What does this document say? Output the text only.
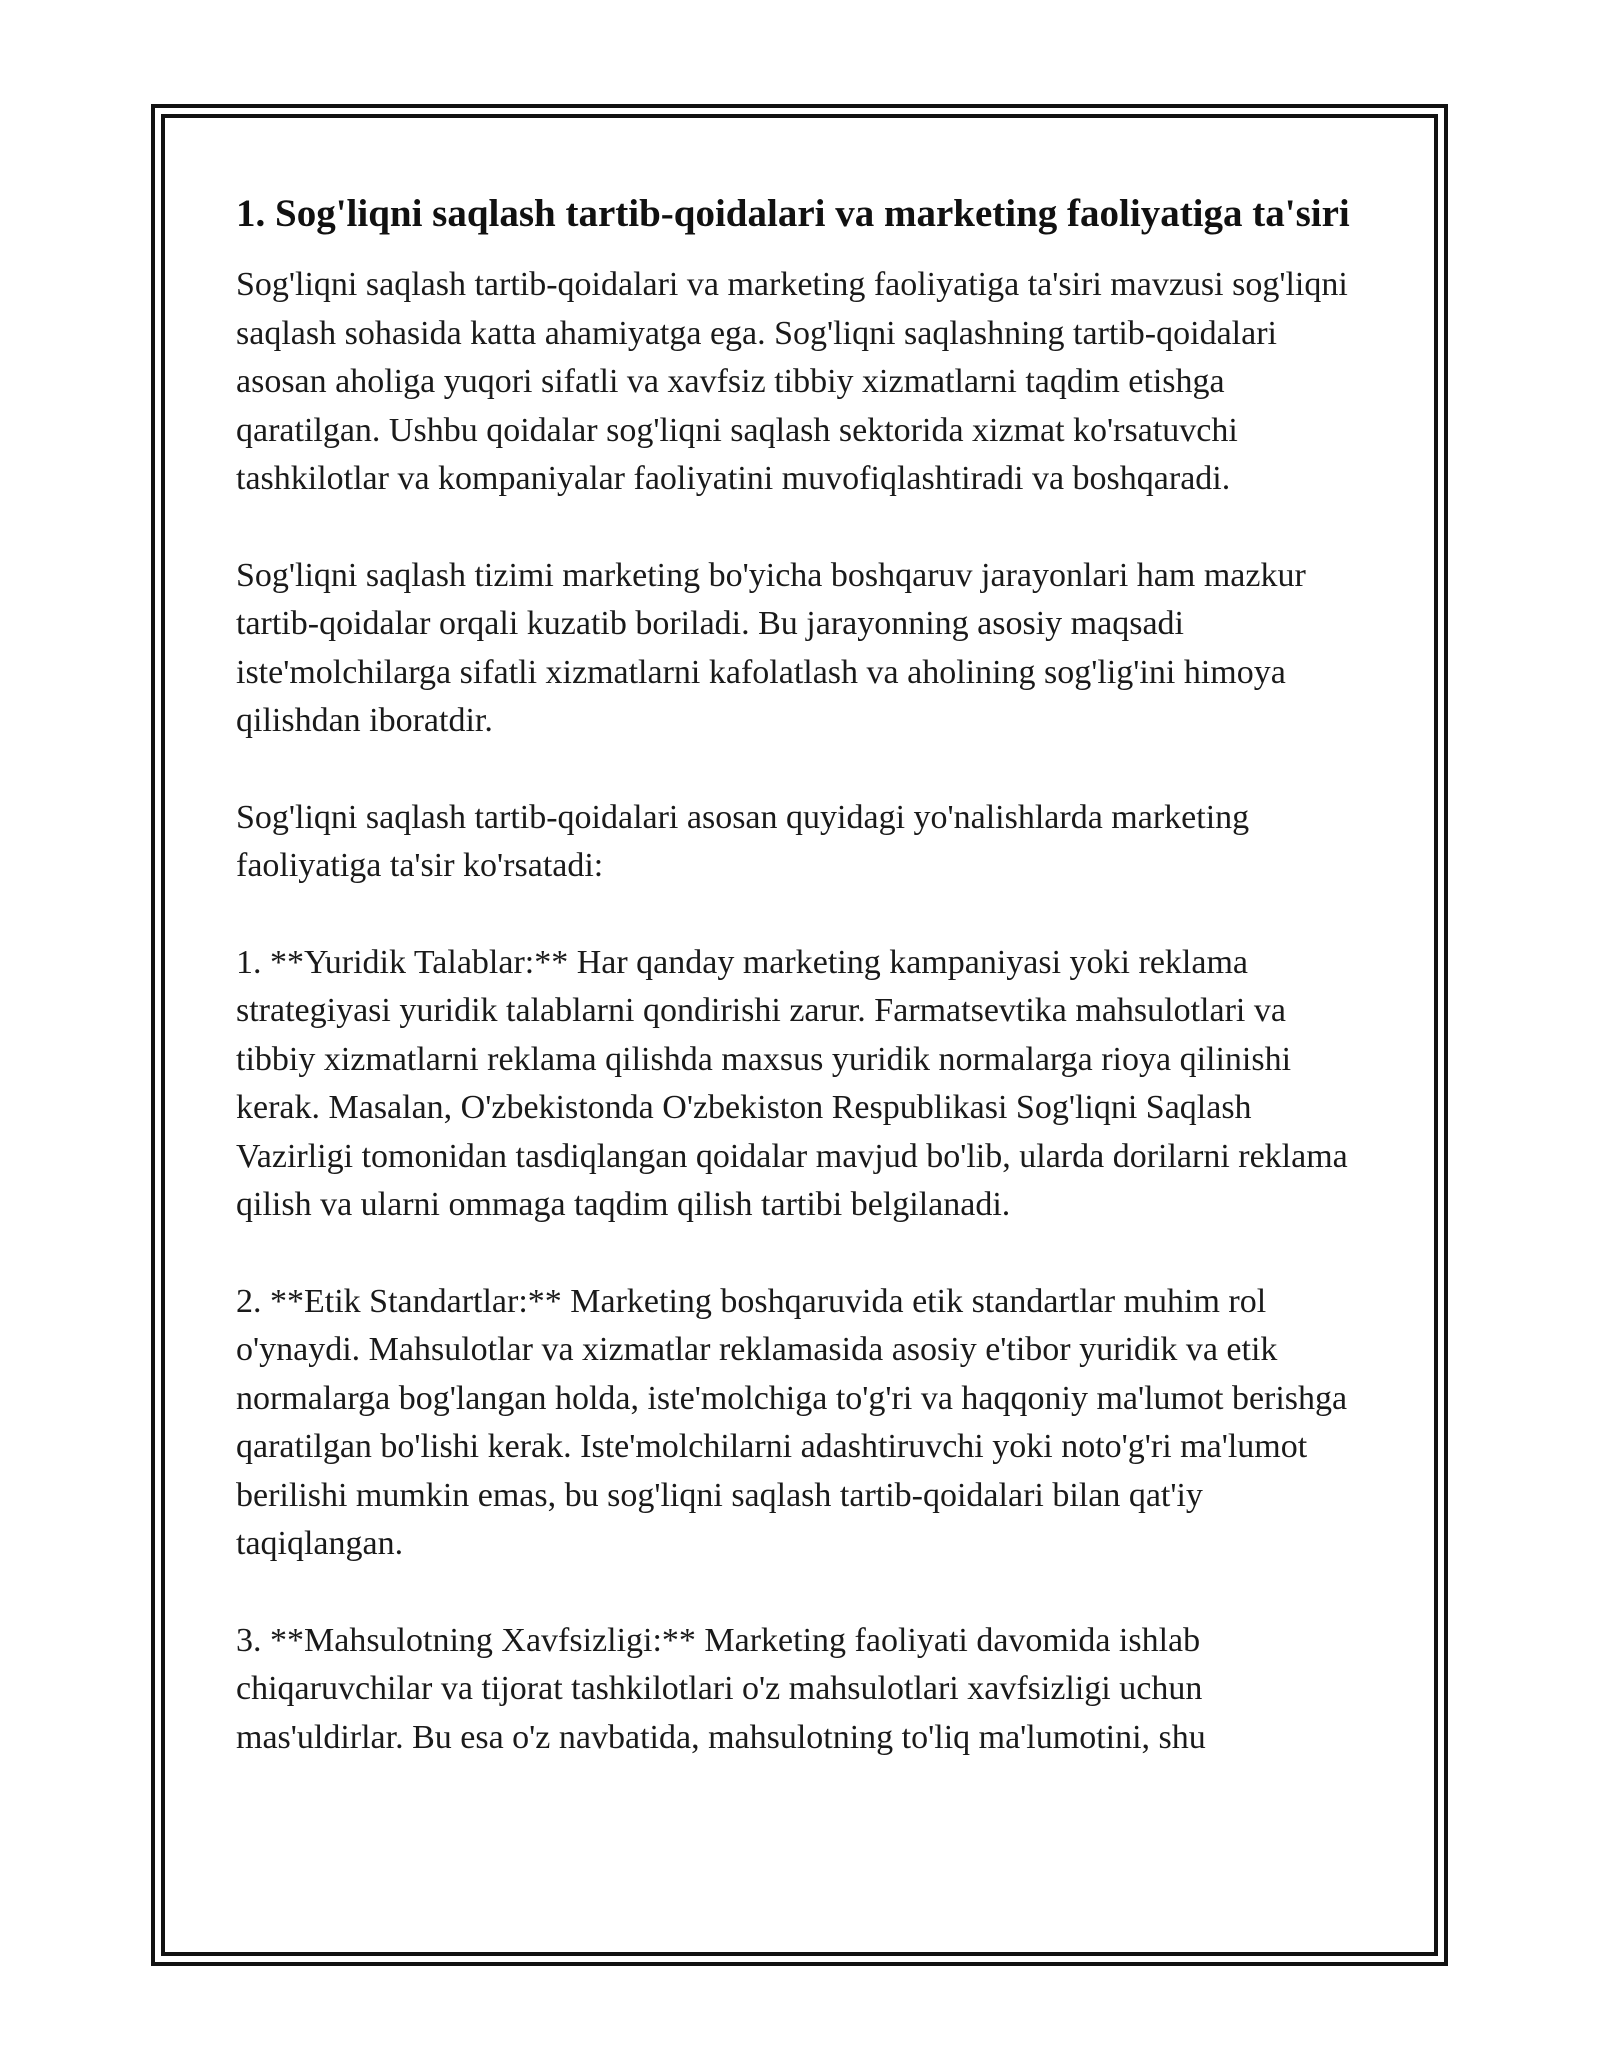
1. Sog'liqni saqlash tartib-qoidalari va marketing faoliyatiga ta'siri

Sog'liqni saqlash tartib-qoidalari va marketing faoliyatiga ta'siri mavzusi sog'liqni saqlash sohasida katta ahamiyatga ega. Sog'liqni saqlashning tartib-qoidalari asosan aholiga yuqori sifatli va xavfsiz tibbiy xizmatlarni taqdim etishga qaratilgan. Ushbu qoidalar sog'liqni saqlash sektorida xizmat ko'rsatuvchi tashkilotlar va kompaniyalar faoliyatini muvofiqlashtiradi va boshqaradi.

Sog'liqni saqlash tizimi marketing bo'yicha boshqaruv jarayonlari ham mazkur tartib-qoidalar orqali kuzatib boriladi. Bu jarayonning asosiy maqsadi iste'molchilarga sifatli xizmatlarni kafolatlash va aholining sog'lig'ini himoya qilishdan iboratdir.

Sog'liqni saqlash tartib-qoidalari asosan quyidagi yo'nalishlarda marketing faoliyatiga ta'sir ko'rsatadi:

1. **Yuridik Talablar:** Har qanday marketing kampaniyasi yoki reklama strategiyasi yuridik talablarni qondirishi zarur. Farmatsevtika mahsulotlari va tibbiy xizmatlarni reklama qilishda maxsus yuridik normalarga rioya qilinishi kerak. Masalan, O'zbekistonda O'zbekiston Respublikasi Sog'liqni Saqlash Vazirligi tomonidan tasdiqlangan qoidalar mavjud bo'lib, ularda dorilarni reklama qilish va ularni ommaga taqdim qilish tartibi belgilanadi.

2. **Etik Standartlar:** Marketing boshqaruvida etik standartlar muhim rol o'ynaydi. Mahsulotlar va xizmatlar reklamasida asosiy e'tibor yuridik va etik normalarga bog'langan holda, iste'molchiga to'g'ri va haqqoniy ma'lumot berishga qaratilgan bo'lishi kerak. Iste'molchilarni adashtiruvchi yoki noto'g'ri ma'lumot berilishi mumkin emas, bu sog'liqni saqlash tartib-qoidalari bilan qat'iy taqiqlangan.

3. **Mahsulotning Xavfsizligi:** Marketing faoliyati davomida ishlab chiqaruvchilar va tijorat tashkilotlari o'z mahsulotlari xavfsizligi uchun mas'uldirlar. Bu esa o'z navbatida, mahsulotning to'liq ma'lumotini, shu
